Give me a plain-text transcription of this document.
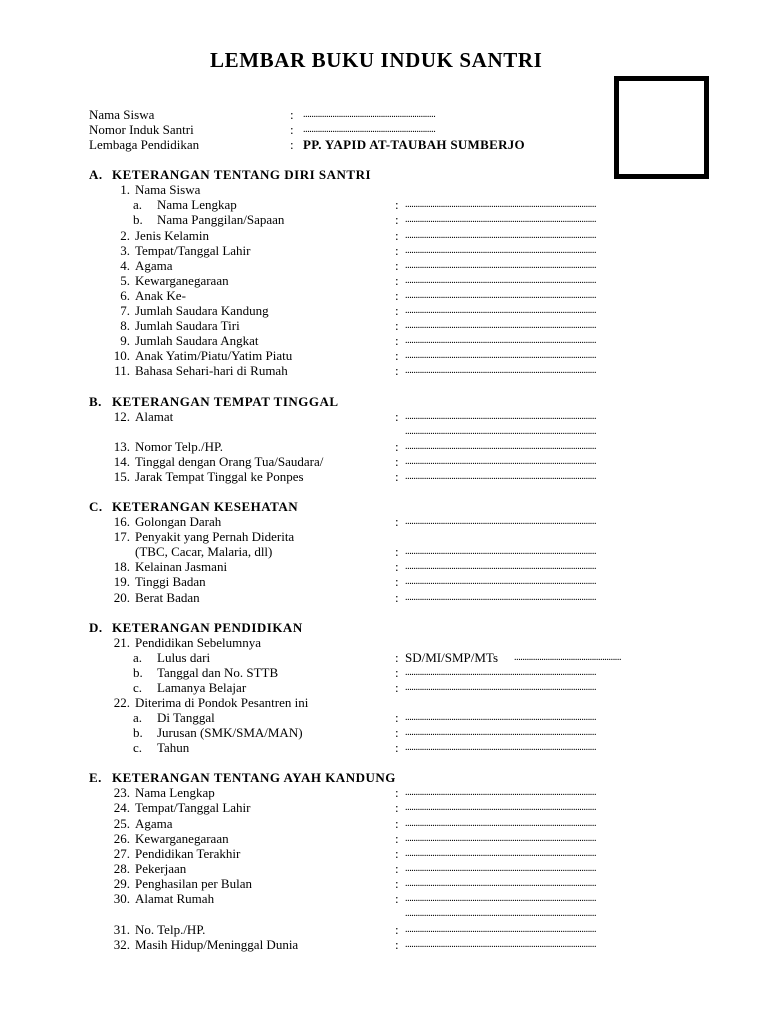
LEMBAR BUKU INDUK SANTRI
Nama Siswa	: ...............................................................
Nomor Induk Santri	: ...............................................................
Lembaga Pendidikan	: PP. YAPID AT-TAUBAH SUMBERJO
A. KETERANGAN TENTANG DIRI SANTRI
1. Nama Siswa
a. Nama Lengkap	: ...........................................................................................
b. Nama Panggilan/Sapaan	: ...........................................................................................
2. Jenis Kelamin	: ...........................................................................................
3. Tempat/Tanggal Lahir	: ...........................................................................................
4. Agama	: ...........................................................................................
5. Kewarganegaraan	: ...........................................................................................
6. Anak Ke-	: ...........................................................................................
7. Jumlah Saudara Kandung	: ...........................................................................................
8. Jumlah Saudara Tiri	: ...........................................................................................
9. Jumlah Saudara Angkat	: ...........................................................................................
10. Anak Yatim/Piatu/Yatim Piatu	: ...........................................................................................
11. Bahasa Sehari-hari di Rumah	: ...........................................................................................
B. KETERANGAN TEMPAT TINGGAL
12. Alamat	: ...........................................................................................
...........................................................................................
13. Nomor Telp./HP.	: ...........................................................................................
14. Tinggal dengan Orang Tua/Saudara/	: ...........................................................................................
15. Jarak Tempat Tinggal ke Ponpes	: ...........................................................................................
C. KETERANGAN KESEHATAN
16. Golongan Darah	: ...........................................................................................
17. Penyakit yang Pernah Diderita
(TBC, Cacar, Malaria, dll)	: ...........................................................................................
18. Kelainan Jasmani	: ...........................................................................................
19. Tinggi Badan	: ...........................................................................................
20. Berat Badan	: ...........................................................................................
D. KETERANGAN PENDIDIKAN
21. Pendidikan Sebelumnya
a. Lulus dari	: SD/MI/SMP/MTs ...................................................
b. Tanggal dan No. STTB	: ...........................................................................................
c. Lamanya Belajar	: ...........................................................................................
22. Diterima di Pondok Pesantren ini
a. Di Tanggal	: ...........................................................................................
b. Jurusan (SMK/SMA/MAN)	: ...........................................................................................
c. Tahun	: ...........................................................................................
E. KETERANGAN TENTANG AYAH KANDUNG
23. Nama Lengkap	: ...........................................................................................
24. Tempat/Tanggal Lahir	: ...........................................................................................
25. Agama	: ...........................................................................................
26. Kewarganegaraan	: ...........................................................................................
27. Pendidikan Terakhir	: ...........................................................................................
28. Pekerjaan	: ...........................................................................................
29. Penghasilan per Bulan	: ...........................................................................................
30. Alamat Rumah	: ...........................................................................................
...........................................................................................
31. No. Telp./HP.	: ...........................................................................................
32. Masih Hidup/Meninggal Dunia	: ...........................................................................................
